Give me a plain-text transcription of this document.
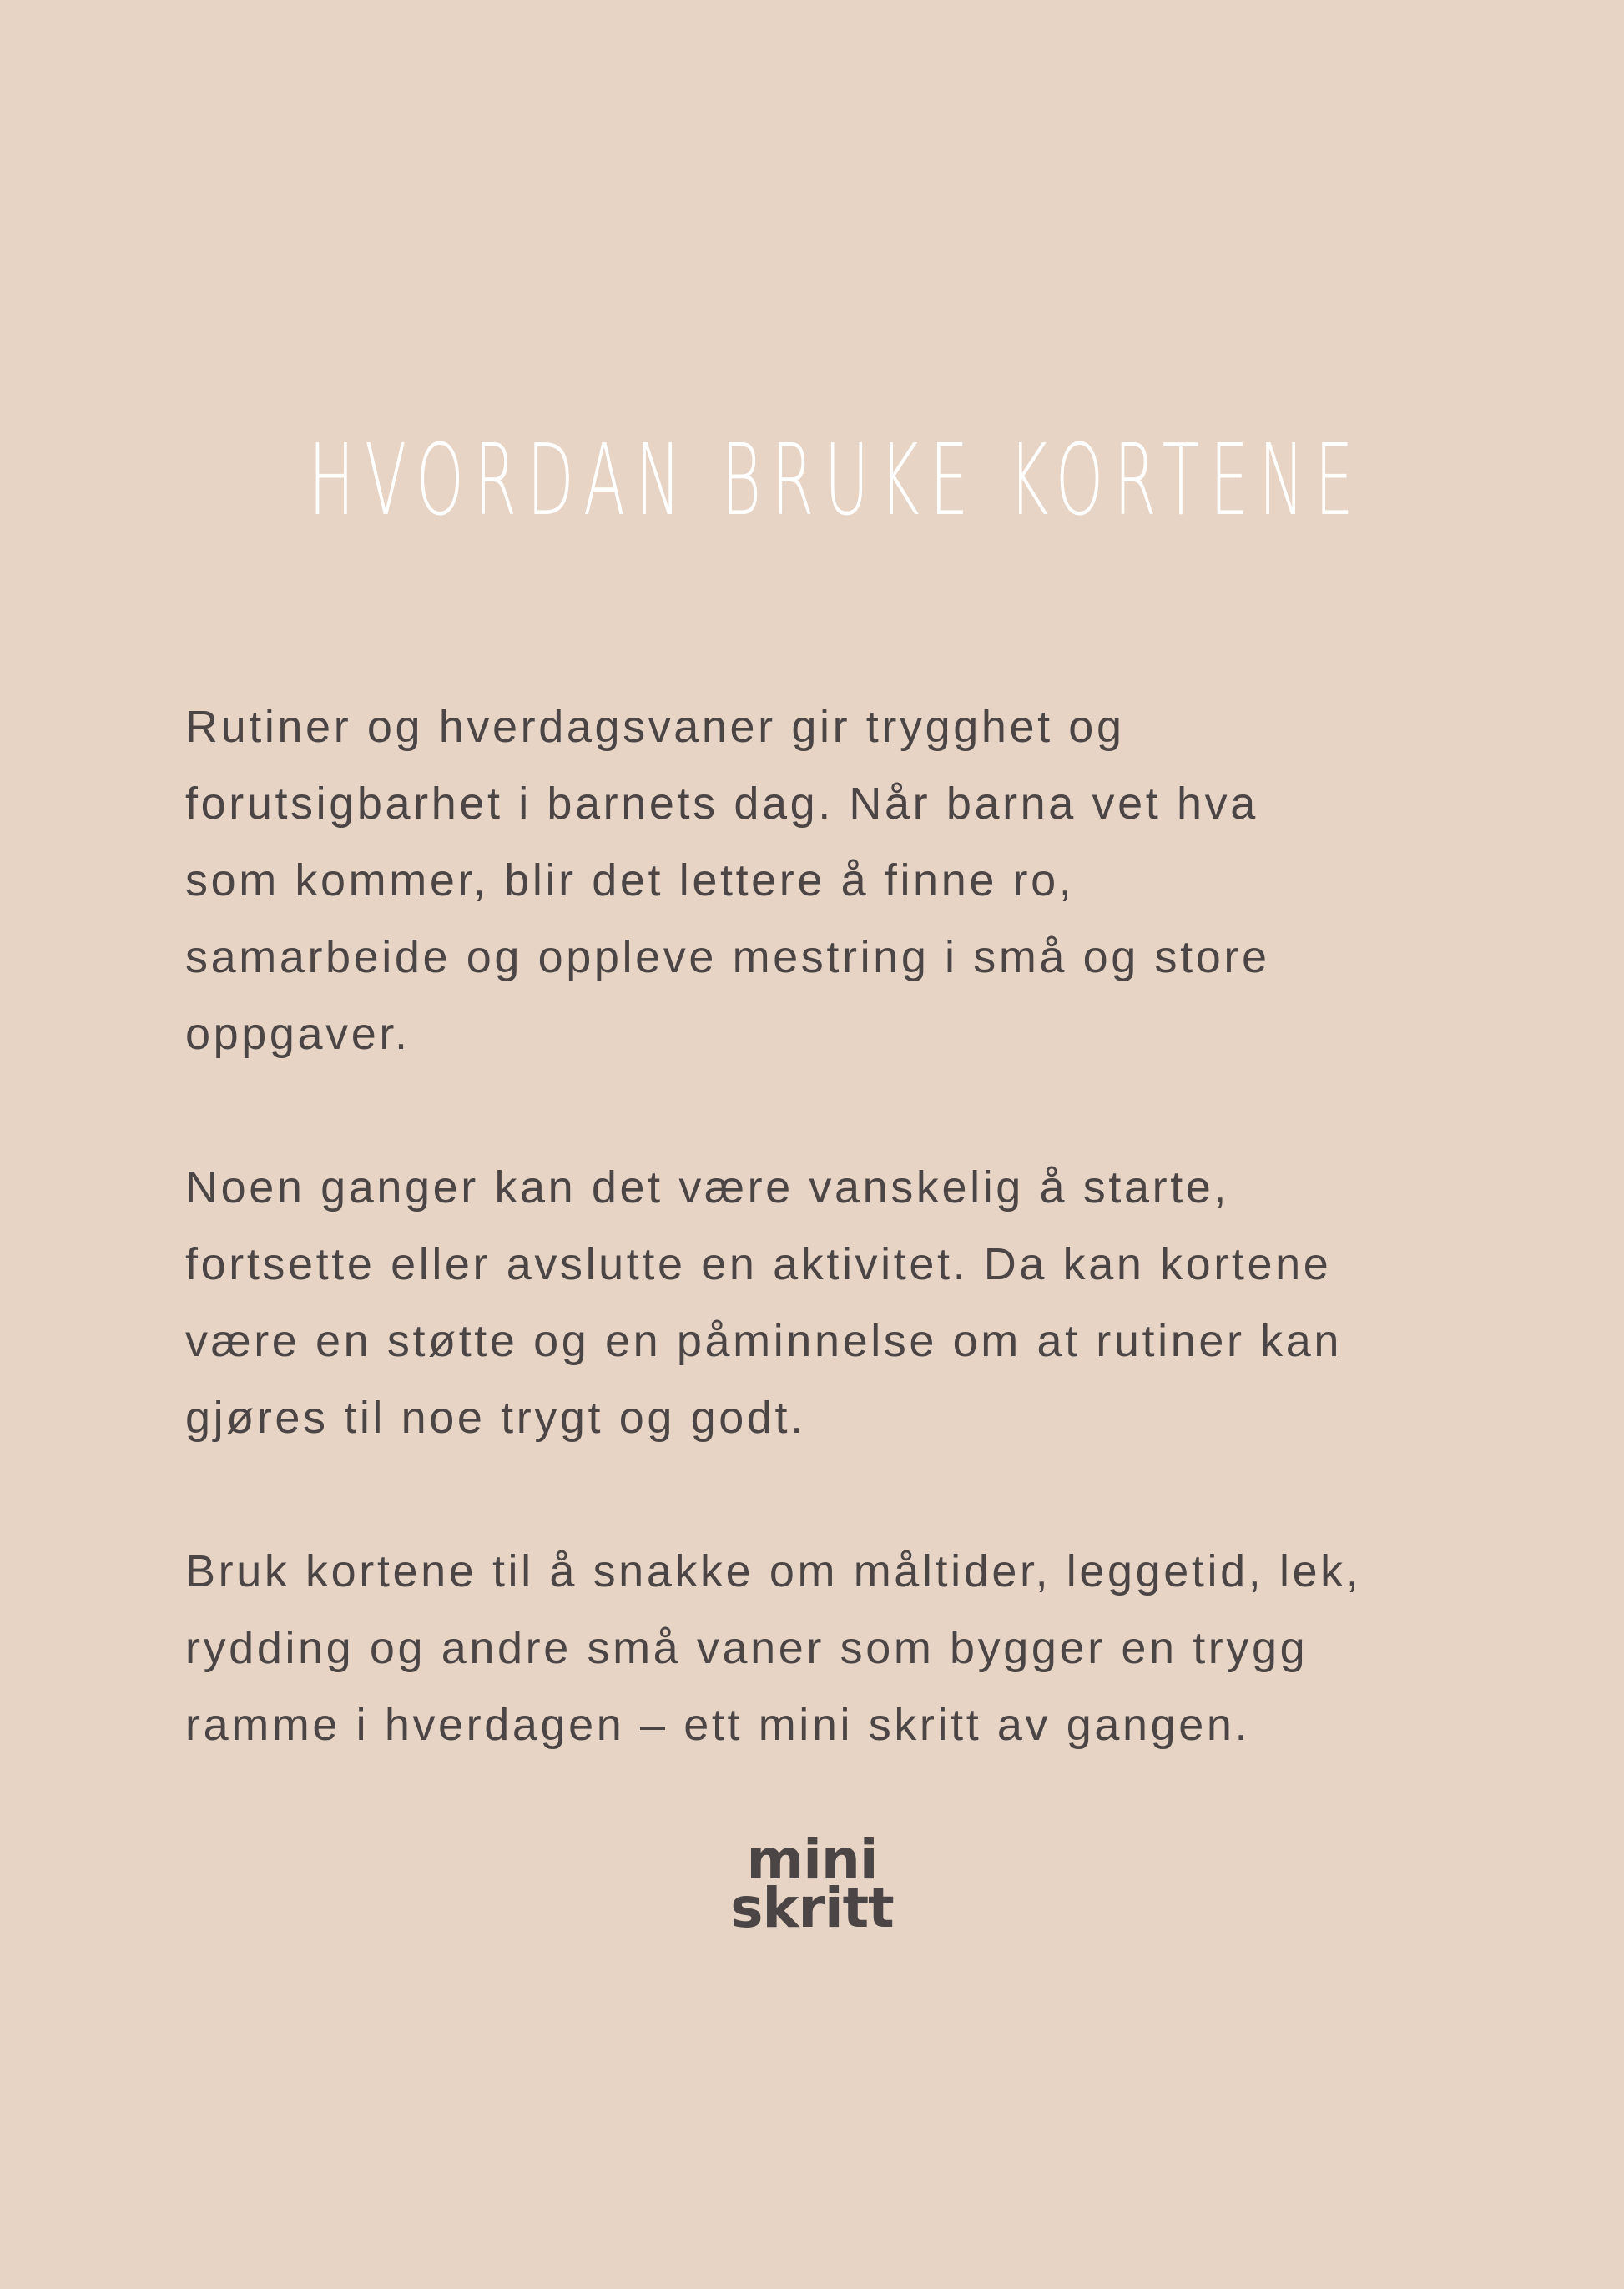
HVORDAN BRUKE KORTENE

Rutiner og hverdagsvaner gir trygghet og
forutsigbarhet i barnets dag. Når barna vet hva
som kommer, blir det lettere å finne ro,
samarbeide og oppleve mestring i små og store
oppgaver.

Noen ganger kan det være vanskelig å starte,
fortsette eller avslutte en aktivitet. Da kan kortene
være en støtte og en påminnelse om at rutiner kan
gjøres til noe trygt og godt.

Bruk kortene til å snakke om måltider, leggetid, lek,
rydding og andre små vaner som bygger en trygg
ramme i hverdagen – ett mini skritt av gangen.

mini
skritt
